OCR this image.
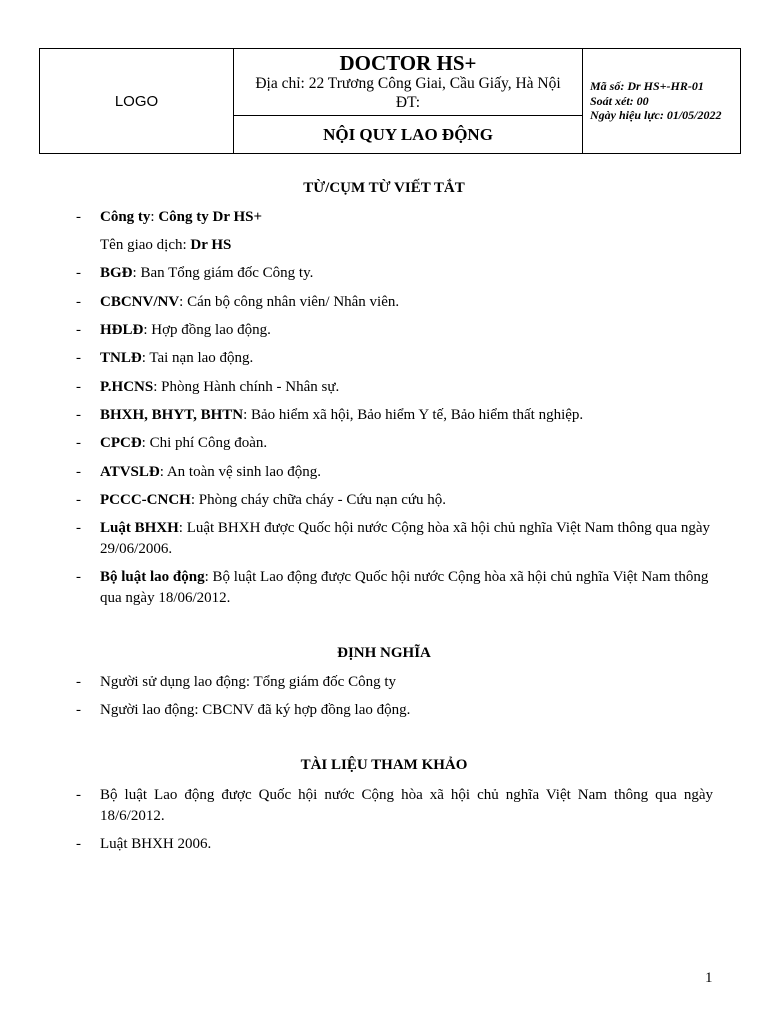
LOGO	
DOCTOR HS+
Địa chỉ: 22 Trương Công Giai, Cầu Giấy, Hà Nội
ĐT:

Mã số: Dr HS+-HR-01
Soát xét: 00
Ngày hiệu lực: 01/05/2022

NỘI QUY LAO ĐỘNG
TỪ/CỤM TỪ VIẾT TẮT
- Công ty: Công ty Dr HS+
Tên giao dịch: Dr HS
- BGĐ: Ban Tổng giám đốc Công ty.
- CBCNV/NV: Cán bộ công nhân viên/ Nhân viên.
- HĐLĐ: Hợp đồng lao động.
- TNLĐ: Tai nạn lao động.
- P.HCNS: Phòng Hành chính - Nhân sự.
- BHXH, BHYT, BHTN: Bảo hiểm xã hội, Bảo hiểm Y tế, Bảo hiểm thất nghiệp.
- CPCĐ: Chi phí Công đoàn.
- ATVSLĐ: An toàn vệ sinh lao động.
- PCCC-CNCH: Phòng cháy chữa cháy - Cứu nạn cứu hộ.
- Luật BHXH: Luật BHXH được Quốc hội nước Cộng hòa xã hội chủ nghĩa Việt Nam thông qua ngày 29/06/2006.
- Bộ luật lao động: Bộ luật Lao động được Quốc hội nước Cộng hòa xã hội chủ nghĩa Việt Nam thông qua ngày 18/06/2012.
ĐỊNH NGHĨA
- Người sử dụng lao động: Tổng giám đốc Công ty
- Người lao động: CBCNV đã ký hợp đồng lao động.
TÀI LIỆU THAM KHẢO
- Bộ luật Lao động được Quốc hội nước Cộng hòa xã hội chủ nghĩa Việt Nam thông qua ngày 18/6/2012.
- Luật BHXH 2006.
1
